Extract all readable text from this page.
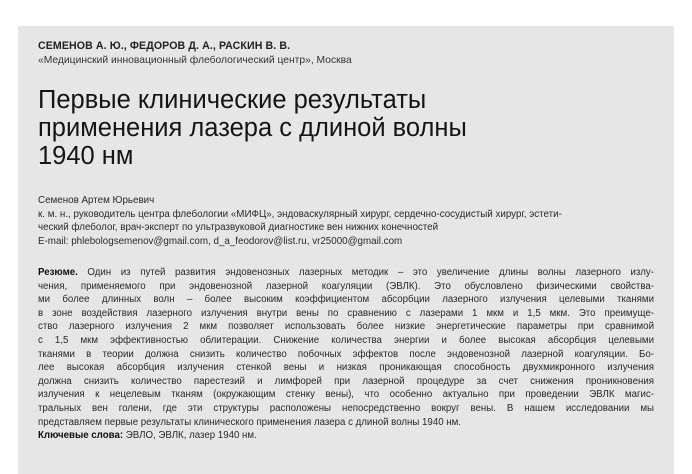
СЕМЕНОВ А. Ю., ФЕДОРОВ Д. А., РАСКИН В. В.
«Медицинский инновационный флебологический центр», Москва
Первые клинические результаты
применения лазера с длиной волны
1940 нм
Семенов Артем Юрьевич
к. м. н., руководитель центра флебологии «МИФЦ», эндоваскулярный хирург, сердечно-сосудистый хирург, эстети-
ческий флеболог, врач-эксперт по ультразвуковой диагностике вен нижних конечностей
E-mail: phlebologsemenov@gmail.com, d_a_feodorov@list.ru, vr25000@gmail.com
Резюме. Один из путей развития эндовенозных лазерных методик – это увеличение длины волны лазерного излу-
чения, применяемого при эндовенозной лазерной коагуляции (ЭВЛК). Это обусловлено физическими свойства-
ми более длинных волн – более высоким коэффициентом абсорбции лазерного излучения целевыми тканями
в зоне воздействия лазерного излучения внутри вены по сравнению с лазерами 1 мкм и 1,5 мкм. Это преимуще-
ство лазерного излучения 2 мкм позволяет использовать более низкие энергетические параметры при сравнимой
с 1,5 мкм эффективностью облитерации. Снижение количества энергии и более высокая абсорбция целевыми
тканями в теории должна снизить количество побочных эффектов после эндовенозной лазерной коагуляции. Бо-
лее высокая абсорбция излучения стенкой вены и низкая проникающая способность двухмикронного излучения
должна снизить количество парестезий и лимфорей при лазерной процедуре за счет снижения проникновения
излучения к нецелевым тканям (окружающим стенку вены), что особенно актуально при проведении ЭВЛК магис-
тральных вен голени, где эти структуры расположены непосредственно вокруг вены. В нашем исследовании мы
представляем первые результаты клинического применения лазера с длиной волны 1940 нм.
Ключевые слова: ЭВЛО, ЭВЛК, лазер 1940 нм.
